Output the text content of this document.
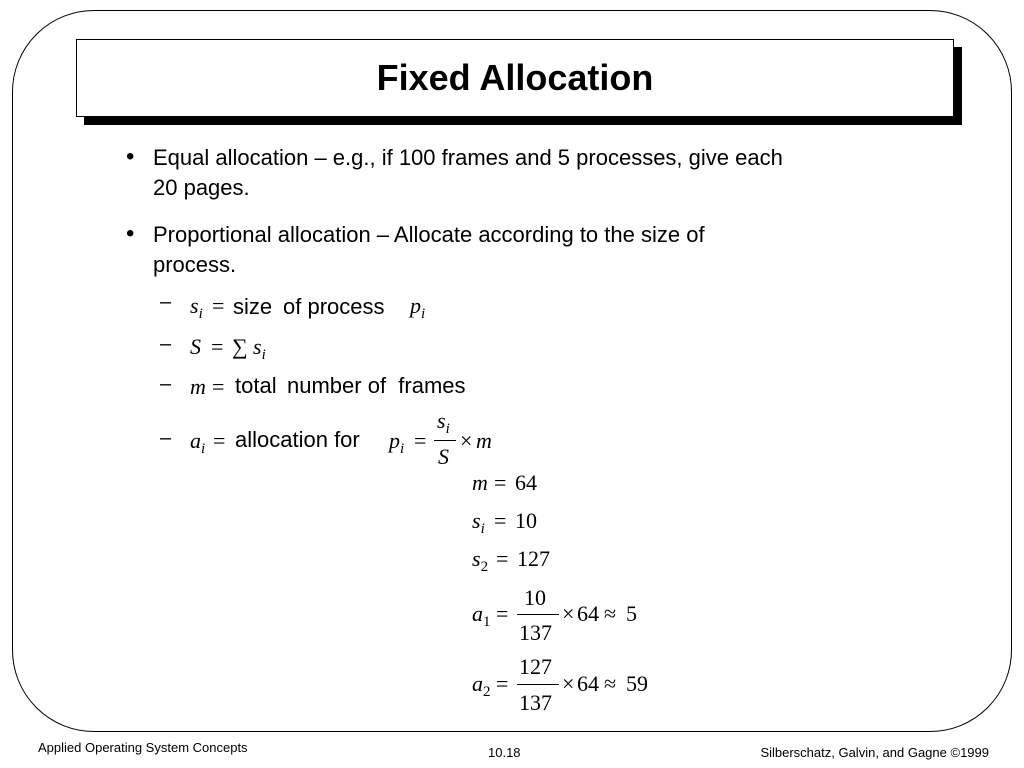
Fixed Allocation
• Equal allocation – e.g., if 100 frames and 5 processes, give each
20 pages.
• Proportional allocation – Allocate according to the size of
process.
– $s_i$ = size of process $p_i$
– S = ∑ $s_i$
– m = total number of  frames
– $a_i$ = allocation for $p_i$ =
$s_i$
S
× m
m = 64
$s_i = 10$
$s_2 = 127$
$a_1$ =
10
137
× 64 ≈ 5
$a_2$ =
127
137
× 64 ≈ 59
Applied Operating System Concepts	10.18	Silberschatz, Galvin, and Gagne ©1999
